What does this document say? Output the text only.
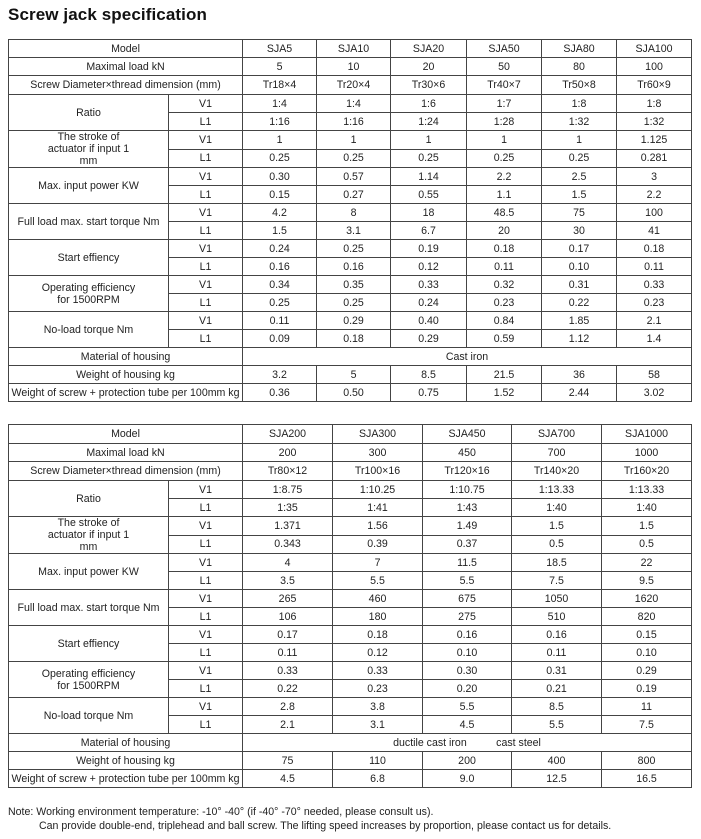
Screw jack specification
Model		SJA5	SJA10	SJA20	SJA50	SJA80	SJA100
Maximal load kN		5	10	20	50	80	100
Screw Diameter×thread dimension (mm)		Tr18×4	Tr20×4	Tr30×6	Tr40×7	Tr50×8	Tr60×9
Ratio	V1	1:4	1:4	1:6	1:7	1:8	1:8
	L1	1:16	1:16	1:24	1:28	1:32	1:32
The stroke of actuator if input 1 mm	V1	1	1	1	1	1	1.125
	L1	0.25	0.25	0.25	0.25	0.25	0.281
Max. input power KW	V1	0.30	0.57	1.14	2.2	2.5	3
	L1	0.15	0.27	0.55	1.1	1.5	2.2
Full load max. start torque Nm	V1	4.2	8	18	48.5	75	100
	L1	1.5	3.1	6.7	20	30	41
Start effiency	V1	0.24	0.25	0.19	0.18	0.17	0.18
	L1	0.16	0.16	0.12	0.11	0.10	0.11
Operating efficiency for 1500RPM	V1	0.34	0.35	0.33	0.32	0.31	0.33
	L1	0.25	0.25	0.24	0.23	0.22	0.23
No-load torque Nm	V1	0.11	0.29	0.40	0.84	1.85	2.1
	L1	0.09	0.18	0.29	0.59	1.12	1.4
Material of housing		Cast iron					
Weight of housing kg		3.2	5	8.5	21.5	36	58
Weight of screw + protection tube per 100mm kg		0.36	0.50	0.75	1.52	2.44	3.02
Model		SJA200	SJA300	SJA450	SJA700	SJA1000
Maximal load kN		200	300	450	700	1000
Screw Diameter×thread dimension (mm)		Tr80×12	Tr100×16	Tr120×16	Tr140×20	Tr160×20
Ratio	V1	1:8.75	1:10.25	1:10.75	1:13.33	1:13.33
	L1	1:35	1:41	1:43	1:40	1:40
The stroke of actuator if input 1 mm	V1	1.371	1.56	1.49	1.5	1.5
	L1	0.343	0.39	0.37	0.5	0.5
Max. input power KW	V1	4	7	11.5	18.5	22
	L1	3.5	5.5	5.5	7.5	9.5
Full load max. start torque Nm	V1	265	460	675	1050	1620
	L1	106	180	275	510	820
Start effiency	V1	0.17	0.18	0.16	0.16	0.15
	L1	0.11	0.12	0.10	0.11	0.10
Operating efficiency for 1500RPM	V1	0.33	0.33	0.30	0.31	0.29
	L1	0.22	0.23	0.20	0.21	0.19
No-load torque Nm	V1	2.8	3.8	5.5	8.5	11
	L1	2.1	3.1	4.5	5.5	7.5
Material of housing		ductile cast iron          cast steel				
Weight of housing kg		75	110	200	400	800
Weight of screw + protection tube per 100mm kg		4.5	6.8	9.0	12.5	16.5
Note: Working environment temperature: -10° -40° (if -40° -70° needed, please consult us).
Can provide double-end, triplehead and ball screw. The lifting speed increases by proportion, please contact us for details.
